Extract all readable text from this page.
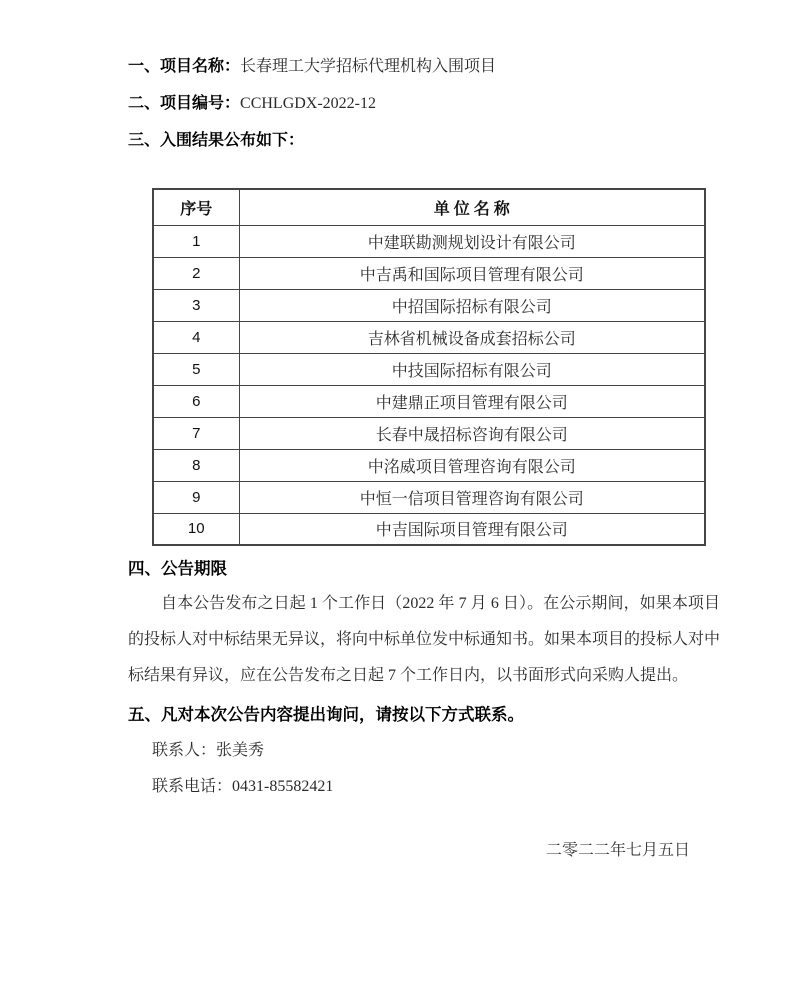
一、项目名称：长春理工大学招标代理机构入围项目
二、项目编号：CCHLGDX-2022-12
三、入围结果公布如下：
序号	单 位 名 称
1	中建联勘测规划设计有限公司
2	中吉禹和国际项目管理有限公司
3	中招国际招标有限公司
4	吉林省机械设备成套招标公司
5	中技国际招标有限公司
6	中建鼎正项目管理有限公司
7	长春中晟招标咨询有限公司
8	中洺威项目管理咨询有限公司
9	中恒一信项目管理咨询有限公司
10	中吉国际项目管理有限公司
四、公告期限

自本公告发布之日起 1 个工作日（2022 年 7 月 6 日）。在公示期间，如果本项目的投标人对中标结果无异议，将向中标单位发中标通知书。如果本项目的投标人对中标结果有异议，应在公告发布之日起 7 个工作日内，以书面形式向采购人提出。

五、凡对本次公告内容提出询问，请按以下方式联系。
联系人：张美秀
联系电话：0431-85582421
二零二二年七月五日
